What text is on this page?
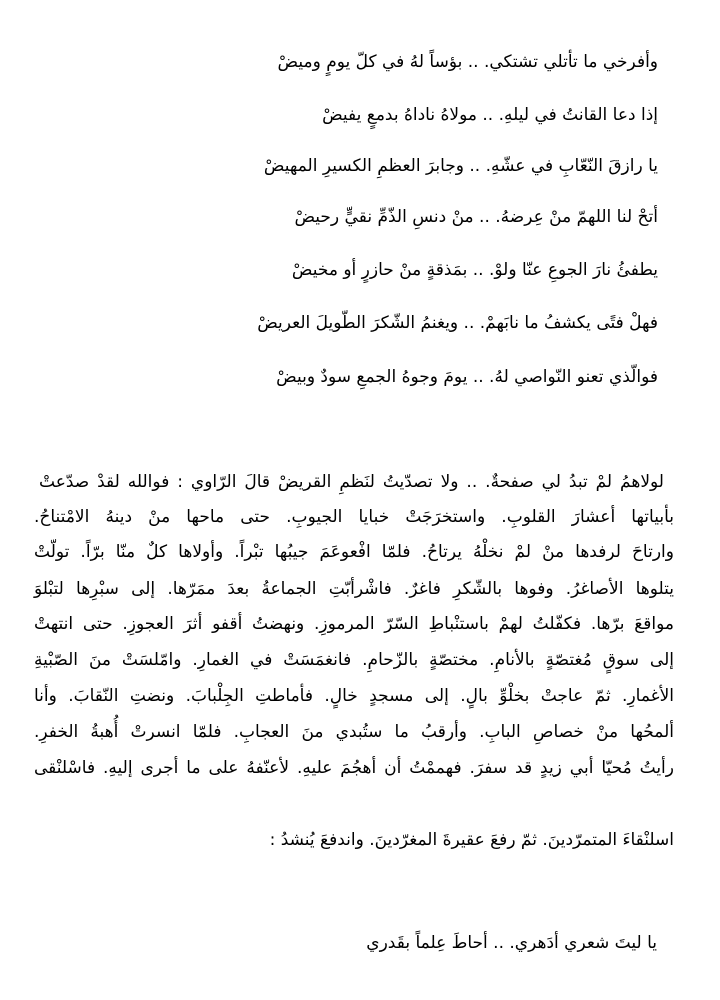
وأفرخي ما تأتلي تشتكي. .. بؤساً لهُ في كلّ يومٍ وميضْ
إذا دعا القانتُ في ليلهِ. .. مولاهُ ناداهُ بدمعٍ يفيضْ
يا رازقَ النّعّابِ في عشّهِ. .. وجابرَ العظمِ الكسيرِ المهيضْ
أتحْ لنا اللهمّ منْ عِرضهُ. .. منْ دنسِ الذّمِّ نقيٍّ رحيضْ
يطفئُ نارَ الجوعِ عنّا ولوْ. .. بمَذقةٍ منْ حازرٍ أو مخيضْ
فهلْ فتًى يكشفُ ما نابَهمْ. .. ويغنمُ الشّكرَ الطّويلَ العريضْ
فوالّذي تعنو النّواصي لهُ. .. يومَ وجوهُ الجمعِ سودٌ وبيضْ
لولاهمُ لمْ تبدُ لي صفحةٌ. .. ولا تصدّيتُ لنَظمِ القريضْ قالَ الرّاوي : فوالله لقدْ صدّعتْ
بأبياتها أعشارَ القلوبِ. واستخرَجَتْ خبايا الجيوبِ. حتى ماحها منْ دينهُ الامْتناحُ.
وارتاحَ لرفدها منْ لمْ نخلْهُ يرتاحُ. فلمّا افْعوعَمَ جيبُها تبْراً. وأولاها كلٌ منّا برّاً. تولّتْ
يتلوها الأصاغرُ. وفوها بالشّكرِ فاغرٌ. فاشْرأبّتِ الجماعةُ بعدَ ممَرّها. إلى سبْرِها لتبْلوَ
مواقعَ برّها. فكفّلتُ لهمْ باستنْباطِ السّرّ المرموزِ. ونهضتُ أقفو أثرَ العجوزِ. حتى انتهتْ
إلى سوقٍ مُغتصّةٍ بالأنامِ. مختصّةٍ بالزّحامِ. فانغمَسَتْ في الغمارِ. وامّلسَتْ منَ الصّبْيةِ
الأغمارِ. ثمّ عاجتْ بخلْوِّ بالٍ. إلى مسجدٍ خالٍ. فأماطتِ الجِلْبابَ. ونضتِ النّقابَ. وأنا
ألمحُها منْ خصاصِ البابِ. وأرقبُ ما ستُبدي منَ العجابِ. فلمّا انسرتْ أُهبةُ الخفرِ.
رأيتُ مُحيّا أبي زيدٍ قد سفرَ. فهممْتُ أن أهجُمَ عليهِ. لأعنّفهُ على ما أجرى إليهِ. فاسْلنْقى
اسلنْقاءَ المتمرّدينَ. ثمّ رفعَ عقيرةَ المغرّدينَ. واندفعَ يُنشدُ :
يا ليتَ شعري أدَهري. .. أحاطَ عِلماً بقَدري
